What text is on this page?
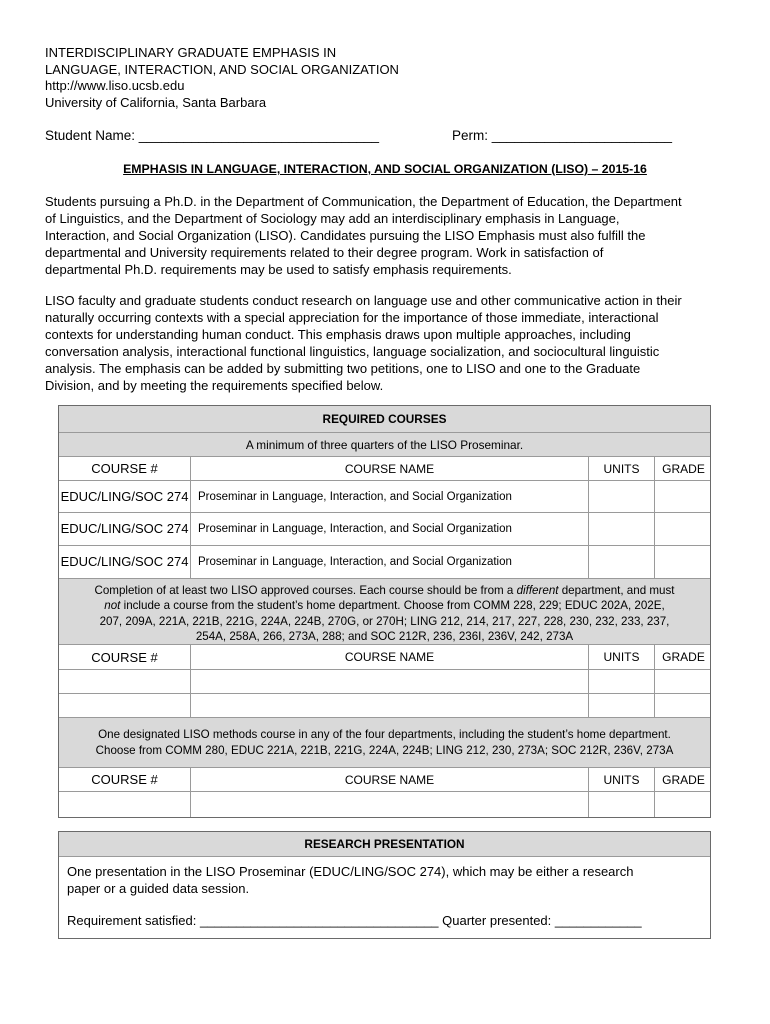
INTERDISCIPLINARY GRADUATE EMPHASIS IN
LANGUAGE, INTERACTION, AND SOCIAL ORGANIZATION
http://www.liso.ucsb.edu
University of California, Santa Barbara
Student Name: ________________________________	Perm: ________________________
EMPHASIS IN LANGUAGE, INTERACTION, AND SOCIAL ORGANIZATION (LISO) – 2015-16
Students pursuing a Ph.D. in the Department of Communication, the Department of Education, the Department
of Linguistics, and the Department of Sociology may add an interdisciplinary emphasis in Language,
Interaction, and Social Organization (LISO). Candidates pursuing the LISO Emphasis must also fulfill the
departmental and University requirements related to their degree program. Work in satisfaction of
departmental Ph.D. requirements may be used to satisfy emphasis requirements.
LISO faculty and graduate students conduct research on language use and other communicative action in their
naturally occurring contexts with a special appreciation for the importance of those immediate, interactional
contexts for understanding human conduct. This emphasis draws upon multiple approaches, including
conversation analysis, interactional functional linguistics, language socialization, and sociocultural linguistic
analysis. The emphasis can be added by submitting two petitions, one to LISO and one to the Graduate
Division, and by meeting the requirements specified below.
REQUIRED COURSES
A minimum of three quarters of the LISO Proseminar.
COURSE #	COURSE NAME	UNITS	GRADE
EDUC/LING/SOC 274 Proseminar in Language, Interaction, and Social Organization
EDUC/LING/SOC 274 Proseminar in Language, Interaction, and Social Organization
EDUC/LING/SOC 274 Proseminar in Language, Interaction, and Social Organization
Completion of at least two LISO approved courses. Each course should be from a different department, and must
not include a course from the student’s home department. Choose from COMM 228, 229; EDUC 202A, 202E,
207, 209A, 221A, 221B, 221G, 224A, 224B, 270G, or 270H; LING 212, 214, 217, 227, 228, 230, 232, 233, 237,
254A, 258A, 266, 273A, 288; and SOC 212R, 236, 236I, 236V, 242, 273A
COURSE #	COURSE NAME	UNITS	GRADE
One designated LISO methods course in any of the four departments, including the student’s home department.
Choose from COMM 280, EDUC 221A, 221B, 221G, 224A, 224B; LING 212, 230, 273A; SOC 212R, 236V, 273A
COURSE #	COURSE NAME	UNITS	GRADE
RESEARCH PRESENTATION
One presentation in the LISO Proseminar (EDUC/LING/SOC 274), which may be either a research
paper or a guided data session.
Requirement satisfied: _________________________________ Quarter presented: ____________
